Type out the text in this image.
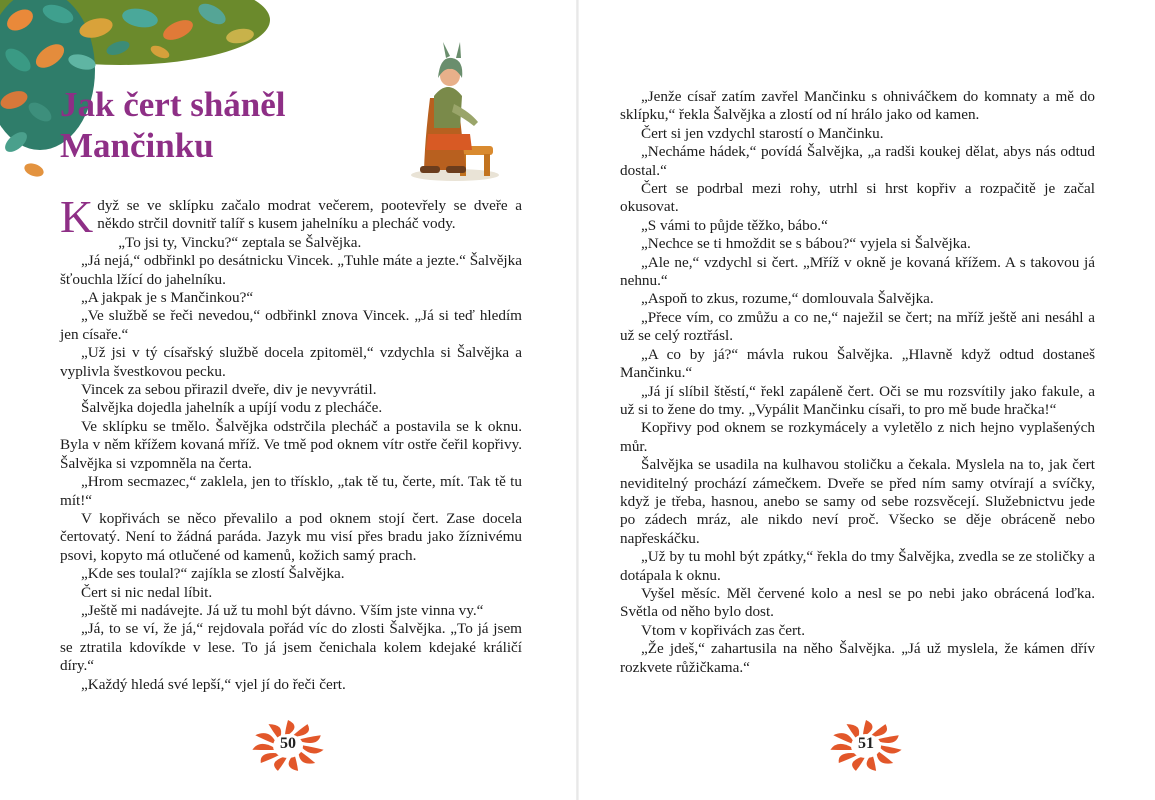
Jak čert sháněl
Mančinku

Když se ve sklípku začalo modrat večerem, pootevřely se dveře a někdo strčil dovnitř talíř s kusem jahelníku a plecháč vody.

„To jsi ty, Vincku?“ zeptala se Šalvějka.

„Já nejá,“ odbřinkl po desátnicku Vincek. „Tuhle máte a jezte.“ Šalvějka šťouchla lžící do jahelníku.

„A jakpak je s Mančinkou?“

„Ve službě se řeči nevedou,“ odbřinkl znova Vincek. „Já si teď hledím jen císaře.“

„Už jsi v tý císařský službě docela zpitomël,“ vzdychla si Šalvějka a vyplivla švestkovou pecku.

Vincek za sebou přirazil dveře, div je nevyvrátil.

Šalvějka dojedla jahelník a upíjí vodu z plecháče.

Ve sklípku se tmělo. Šalvějka odstrčila plecháč a postavila se k oknu. Byla v něm křížem kovaná mříž. Ve tmě pod oknem vítr ostře čeřil kopřivy. Šalvějka si vzpomněla na čerta.

„Hrom secmazec,“ zaklela, jen to třísklo, „tak tě tu, čerte, mít. Tak tě tu mít!“

V kopřivách se něco převalilo a pod oknem stojí čert. Zase docela čertovatý. Není to žádná paráda. Jazyk mu visí přes bradu jako žíznivému psovi, kopyto má otlučené od kamenů, kožich samý prach.

„Kde ses toulal?“ zajíkla se zlostí Šalvějka.

Čert si nic nedal líbit.

„Ještě mi nadávejte. Já už tu mohl být dávno. Vším jste vinna vy.“

„Já, to se ví, že já,“ rejdovala pořád víc do zlosti Šalvějka. „To já jsem se ztratila kdovíkde v lese. To já jsem čenichala kolem kdejaké králičí díry.“

„Každý hledá své lepší,“ vjel jí do řeči čert.

50

„Jenže císař zatím zavřel Mančinku s ohniváčkem do komnaty a mě do sklípku,“ řekla Šalvějka a zlostí od ní hrálo jako od kamen.

Čert si jen vzdychl starostí o Mančinku.

„Necháme hádek,“ povídá Šalvějka, „a radši koukej dělat, abys nás odtud dostal.“

Čert se podrbal mezi rohy, utrhl si hrst kopřiv a rozpačitě je začal okusovat.

„S vámi to půjde těžko, bábo.“

„Nechce se ti hmoždit se s bábou?“ vyjela si Šalvějka.

„Ale ne,“ vzdychl si čert. „Mříž v okně je kovaná křížem. A s takovou já nehnu.“

„Aspoň to zkus, rozume,“ domlouvala Šalvějka.

„Přece vím, co zmůžu a co ne,“ naježil se čert; na mříž ještě ani nesáhl a už se celý roztřásl.

„A co by já?“ mávla rukou Šalvějka. „Hlavně když odtud dostaneš Mančinku.“

„Já jí slíbil štěstí,“ řekl zapáleně čert. Oči se mu rozsvítily jako fakule, a už si to žene do tmy. „Vypálit Mančinku císaři, to pro mě bude hračka!“

Kopřivy pod oknem se rozkymácely a vyletělo z nich hejno vyplašených můr.

Šalvějka se usadila na kulhavou stoličku a čekala. Myslela na to, jak čert neviditelný prochází zámečkem. Dveře se před ním samy otvírají a svíčky, když je třeba, hasnou, anebo se samy od sebe rozsvěcejí. Služebnictvu jede po zádech mráz, ale nikdo neví proč. Všecko se děje obráceně nebo napřeskáčku.

„Už by tu mohl být zpátky,“ řekla do tmy Šalvějka, zvedla se ze stoličky a dotápala k oknu.

Vyšel měsíc. Měl červené kolo a nesl se po nebi jako obrácená loďka. Světla od něho bylo dost.

Vtom v kopřivách zas čert.

„Že jdeš,“ zahartusila na něho Šalvějka. „Já už myslela, že kámen dřív rozkvete růžičkama.“

51
